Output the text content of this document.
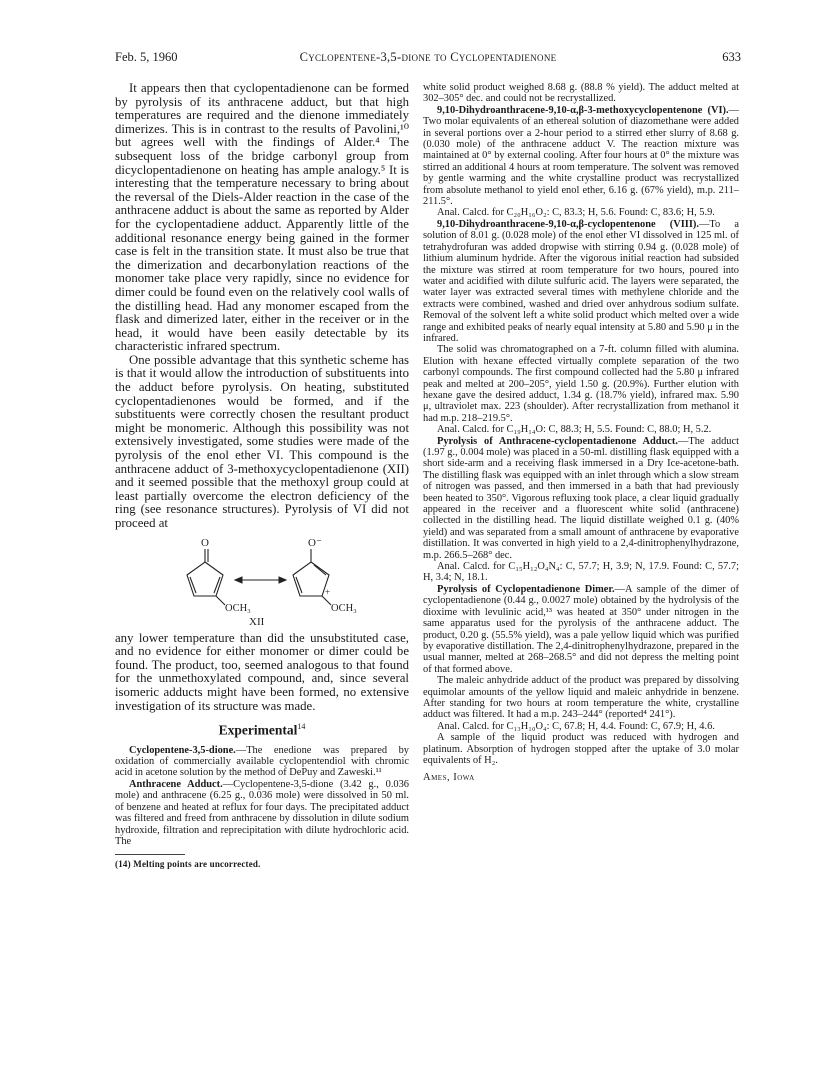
Feb. 5, 1960	Cyclopentene-3,5-dione to Cyclopentadienone	633

It appears then that cyclopentadienone can be formed by pyrolysis of its anthracene adduct, but that high temperatures are required and the dienone immediately dimerizes. This is in contrast to the results of Pavolini,¹⁰ but agrees well with the findings of Alder.⁴ The subsequent loss of the bridge carbonyl group from dicyclopentadienone on heating has ample analogy.⁵ It is interesting that the temperature necessary to bring about the reversal of the Diels-Alder reaction in the case of the anthracene adduct is about the same as reported by Alder for the cyclopentadiene adduct. Apparently little of the additional resonance energy being gained in the former case is felt in the transition state. It must also be true that the dimerization and decarbonylation reactions of the monomer take place very rapidly, since no evidence for dimer could be found even on the relatively cool walls of the distilling head. Had any monomer escaped from the flask and dimerized later, either in the receiver or in the head, it would have been easily detectable by its characteristic infrared spectrum.

One possible advantage that this synthetic scheme has is that it would allow the introduction of substituents into the adduct before pyrolysis. On heating, substituted cyclopentadienones would be formed, and if the substituents were correctly chosen the resultant product might be monomeric. Although this possibility was not extensively investigated, some studies were made of the pyrolysis of the enol ether VI. This compound is the anthracene adduct of 3-methoxycyclopentadienone (XII) and it seemed possible that the methoxyl group could at least partially overcome the electron deficiency of the ring (see resonance structures). Pyrolysis of VI did not proceed at

O
OCH₃
O⁻
+
OCH₃
XII

any lower temperature than did the unsubstituted case, and no evidence for either monomer or dimer could be found. The product, too, seemed analogous to that found for the unmethoxylated compound, and, since several isomeric adducts might have been formed, no extensive investigation of its structure was made.

Experimental$^{14}$

Cyclopentene-3,5-dione.—The enedione was prepared by oxidation of commercially available cyclopentendiol with chromic acid in acetone solution by the method of DePuy and Zaweski.¹¹

Anthracene Adduct.—Cyclopentene-3,5-dione (3.42 g., 0.036 mole) and anthracene (6.25 g., 0.036 mole) were dissolved in 50 ml. of benzene and heated at reflux for four days. The precipitated adduct was filtered and freed from anthracene by dissolution in dilute sodium hydroxide, filtration and reprecipitation with dilute hydrochloric acid. The

(14) Melting points are uncorrected.

white solid product weighed 8.68 g. (88.8 % yield). The adduct melted at 302–305° dec. and could not be recrystallized.

9,10-Dihydroanthracene-9,10-α,β-3-methoxycyclopentenone (VI).—Two molar equivalents of an ethereal solution of diazomethane were added in several portions over a 2-hour period to a stirred ether slurry of 8.68 g. (0.030 mole) of the anthracene adduct V. The reaction mixture was maintained at 0° by external cooling. After four hours at 0° the mixture was stirred an additional 4 hours at room temperature. The solvent was removed by gentle warming and the white crystalline product was recrystallized from absolute methanol to yield enol ether, 6.16 g. (67% yield), m.p. 211–211.5°.

Anal. Calcd. for C₂₀H₁₆O₂: C, 83.3; H, 5.6. Found: C, 83.6; H, 5.9.

9,10-Dihydroanthracene-9,10-α,β-cyclopentenone (VIII).—To a solution of 8.01 g. (0.028 mole) of the enol ether VI dissolved in 125 ml. of tetrahydrofuran was added dropwise with stirring 0.94 g. (0.028 mole) of lithium aluminum hydride. After the vigorous initial reaction had subsided the mixture was stirred at room temperature for two hours, poured into water and acidified with dilute sulfuric acid. The layers were separated, the water layer was extracted several times with methylene chloride and the extracts were combined, washed and dried over anhydrous sodium sulfate. Removal of the solvent left a white solid product which melted over a wide range and exhibited peaks of nearly equal intensity at 5.80 and 5.90 μ in the infrared.

The solid was chromatographed on a 7-ft. column filled with alumina. Elution with hexane effected virtually complete separation of the two carbonyl compounds. The first compound collected had the 5.80 μ infrared peak and melted at 200–205°, yield 1.50 g. (20.9%). Further elution with hexane gave the desired adduct, 1.34 g. (18.7% yield), infrared max. 5.90 μ, ultraviolet max. 223 (shoulder). After recrystallization from methanol it had m.p. 218–219.5°.

Anal. Calcd. for C₁₉H₁₄O: C, 88.3; H, 5.5. Found: C, 88.0; H, 5.2.

Pyrolysis of Anthracene-cyclopentadienone Adduct.—The adduct (1.97 g., 0.004 mole) was placed in a 50-ml. distilling flask equipped with a short side-arm and a receiving flask immersed in a Dry Ice-acetone-bath. The distilling flask was equipped with an inlet through which a slow stream of nitrogen was passed, and then immersed in a bath that had previously been heated to 350°. Vigorous refluxing took place, a clear liquid gradually appeared in the receiver and a fluorescent white solid (anthracene) collected in the distilling head. The liquid distillate weighed 0.1 g. (40% yield) and was separated from a small amount of anthracene by evaporative distillation. It was converted in high yield to a 2,4-dinitrophenylhydrazone, m.p. 266.5–268° dec.

Anal. Calcd. for C₁₅H₁₂O₄N₄: C, 57.7; H, 3.9; N, 17.9. Found: C, 57.7; H, 3.4; N, 18.1.

Pyrolysis of Cyclopentadienone Dimer.—A sample of the dimer of cyclopentadienone (0.44 g., 0.0027 mole) obtained by the hydrolysis of the dioxime with levulinic acid,¹³ was heated at 350° under nitrogen in the same apparatus used for the pyrolysis of the anthracene adduct. The product, 0.20 g. (55.5% yield), was a pale yellow liquid which was purified by evaporative distillation. The 2,4-dinitrophenylhydrazone, prepared in the usual manner, melted at 268–268.5° and did not depress the melting point of that formed above.

The maleic anhydride adduct of the product was prepared by dissolving equimolar amounts of the yellow liquid and maleic anhydride in benzene. After standing for two hours at room temperature the white, crystalline adduct was filtered. It had a m.p. 243–244° (reported⁴ 241°).

Anal. Calcd. for C₁₃H₁₀O₄: C, 67.8; H, 4.4. Found: C, 67.9; H, 4.6.

A sample of the liquid product was reduced with hydrogen and platinum. Absorption of hydrogen stopped after the uptake of 3.0 molar equivalents of H₂.

Ames, Iowa
